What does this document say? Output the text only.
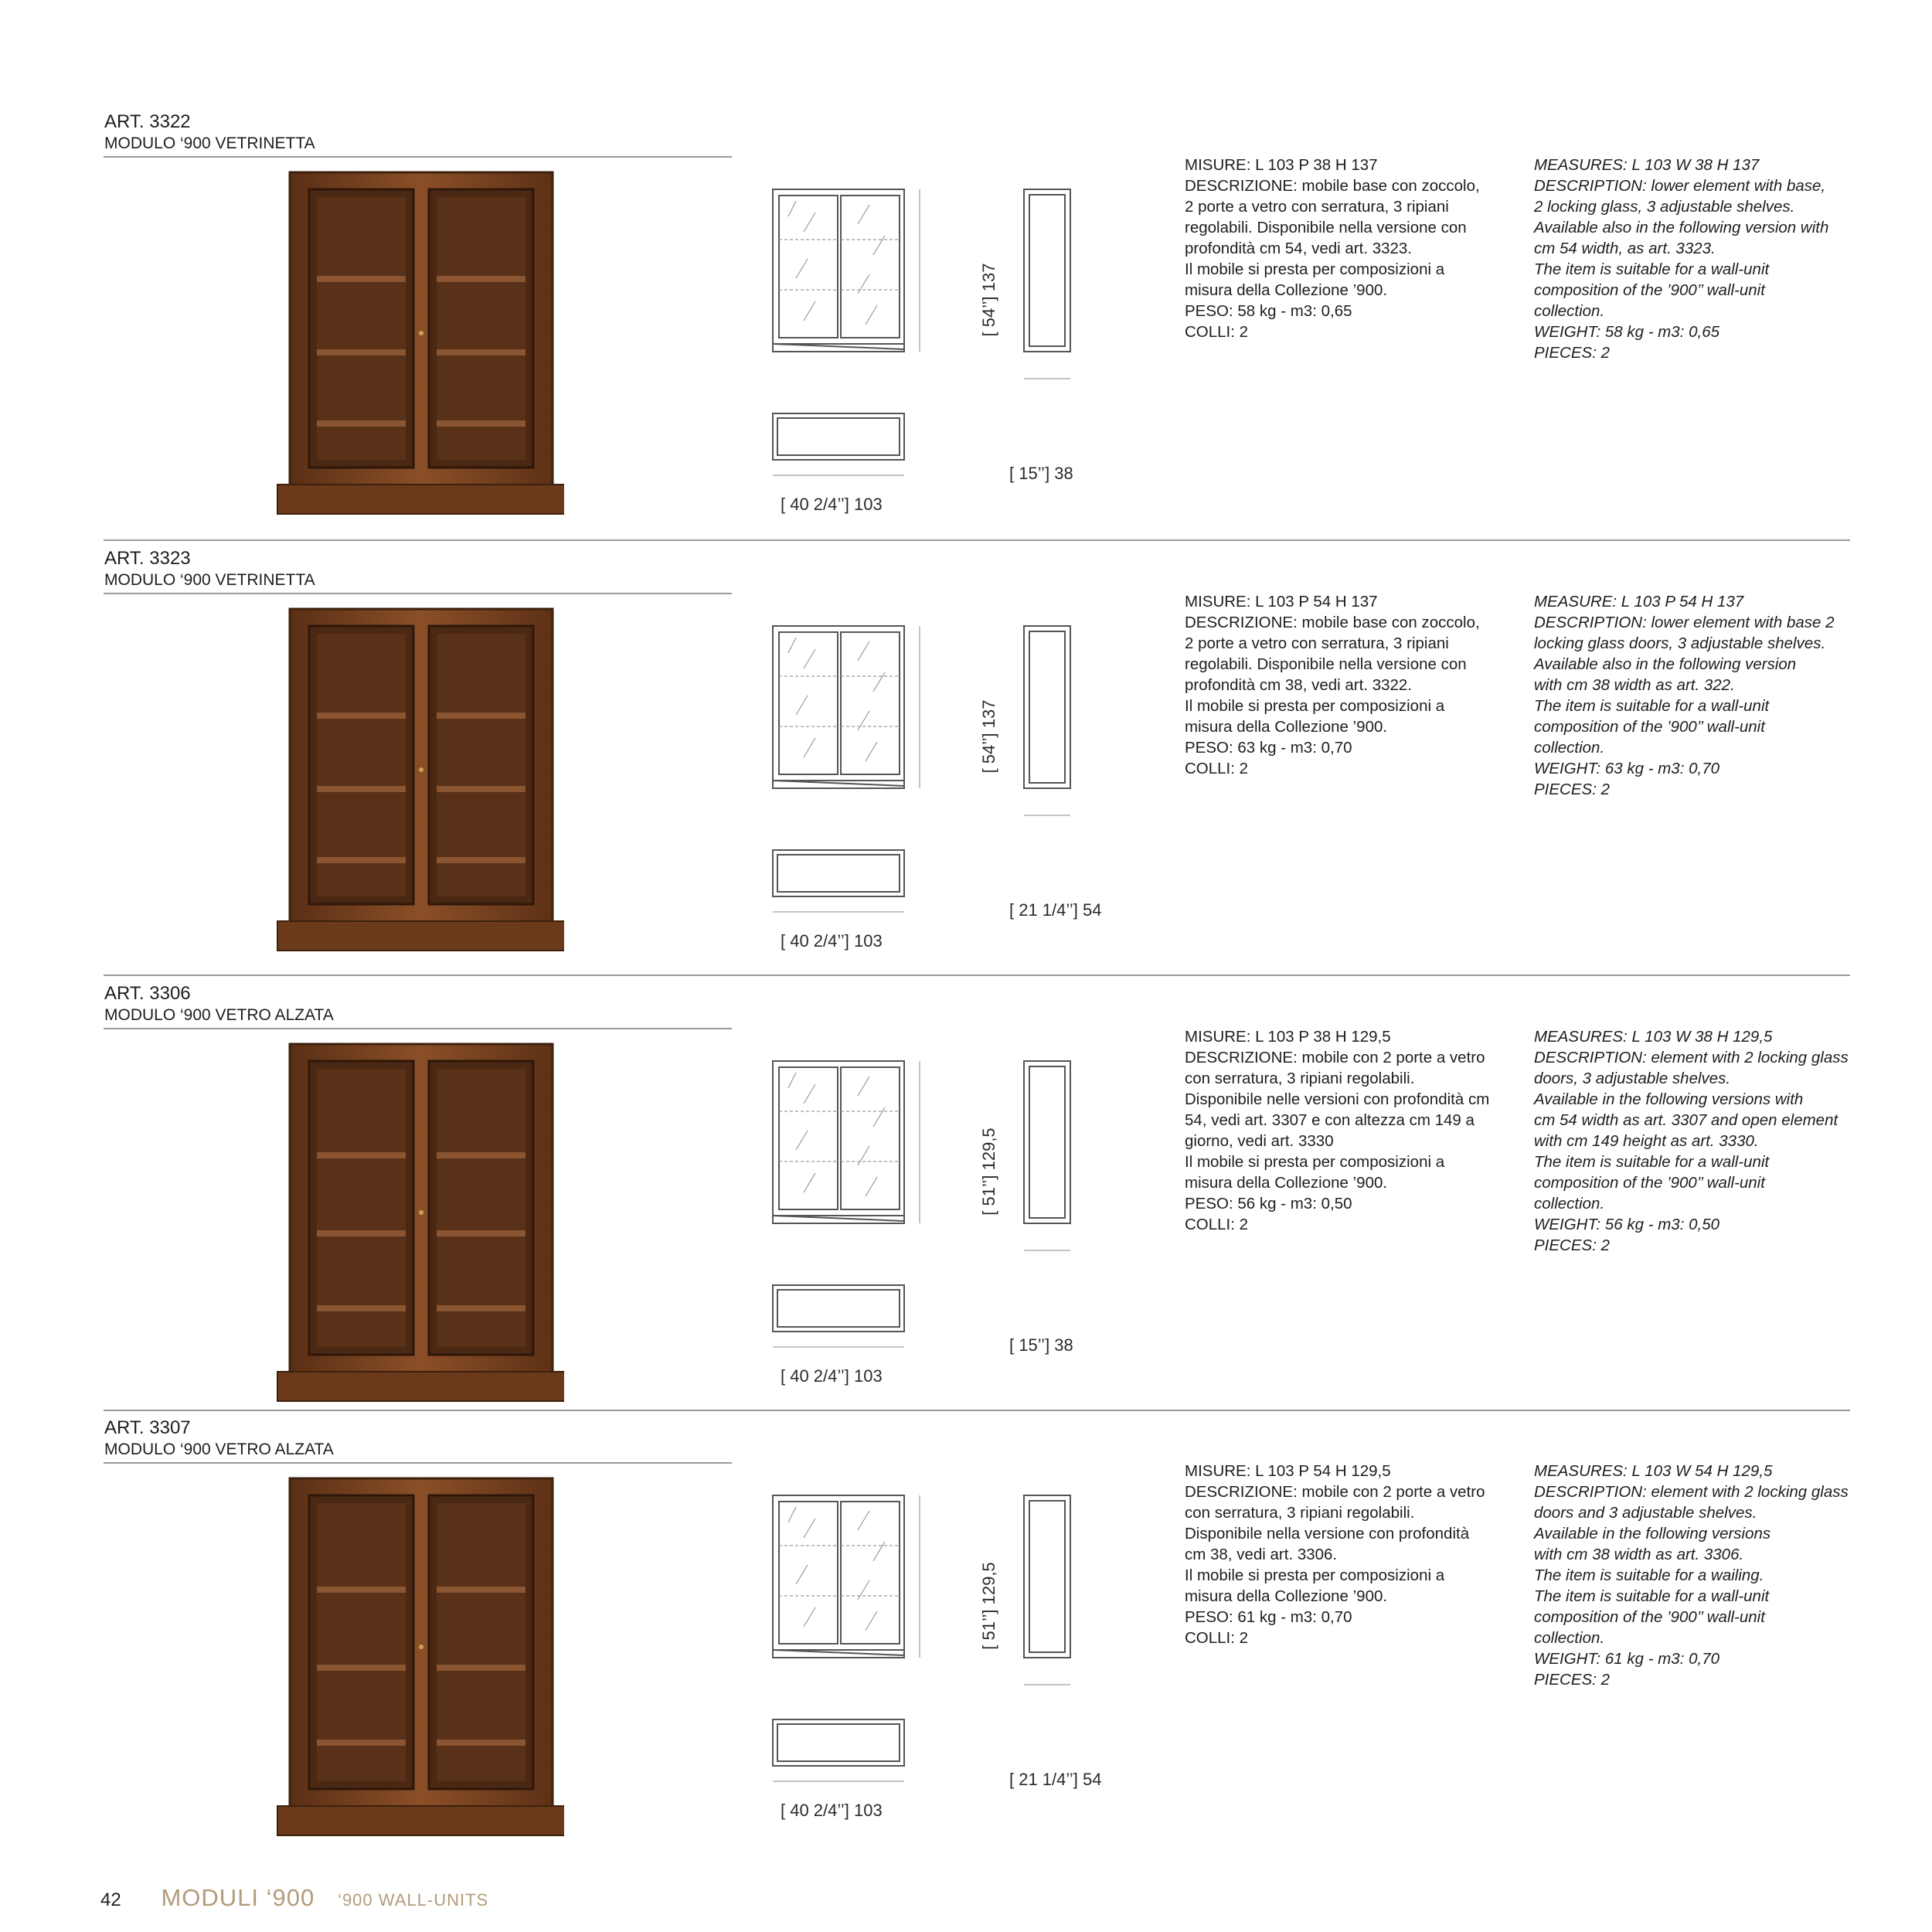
ART. 3322
MODULO ‘900 VETRINETTA
[ 40 2/4’’] 103
[ 15’’] 38
[ 54’’] 137
MISURE: L 103 P 38 H 137
DESCRIZIONE: mobile base con zoccolo,
2 porte a vetro con serratura, 3 ripiani
regolabili. Disponibile nella versione con
profondità cm 54, vedi art. 3323.
Il mobile si presta per composizioni a
misura della Collezione ’900.
PESO: 58 kg - m3: 0,65
COLLI: 2
MEASURES: L 103 W 38 H 137
DESCRIPTION: lower element with base,
2 locking glass, 3 adjustable shelves.
Available also in the following version with
cm 54 width, as art. 3323.
The item is suitable for a wall-unit
composition of the ’900’’ wall-unit
collection.
WEIGHT: 58 kg - m3: 0,65
PIECES: 2
ART. 3323
MODULO ‘900 VETRINETTA
[ 40 2/4’’] 103
[ 21 1/4’’] 54
[ 54’’] 137
MISURE: L 103 P 54 H 137
DESCRIZIONE: mobile base con zoccolo,
2 porte a vetro con serratura, 3 ripiani
regolabili. Disponibile nella versione con
profondità cm 38, vedi art. 3322.
Il mobile si presta per composizioni a
misura della Collezione ’900.
PESO: 63 kg - m3: 0,70
COLLI: 2
MEASURE: L 103 P 54 H 137
DESCRIPTION: lower element with base 2
locking glass doors, 3 adjustable shelves.
Available also in the following version
with cm 38 width as art. 322.
The item is suitable for a wall-unit
composition of the ’900’’ wall-unit
collection.
WEIGHT: 63 kg - m3: 0,70
PIECES: 2
ART. 3306
MODULO ‘900 VETRO ALZATA
[ 40 2/4’’] 103
[ 15’’] 38
[ 51’’] 129,5
MISURE: L 103 P 38 H 129,5
DESCRIZIONE: mobile con 2 porte a vetro
con serratura, 3 ripiani regolabili.
Disponibile nelle versioni con profondità cm
54, vedi art. 3307 e con altezza cm 149 a
giorno, vedi art. 3330
Il mobile si presta per composizioni a
misura della Collezione ’900.
PESO: 56 kg - m3: 0,50
COLLI: 2
MEASURES: L 103 W 38 H 129,5
DESCRIPTION: element with 2 locking glass
doors, 3 adjustable shelves.
Available in the following versions with
cm 54 width as art. 3307 and open element
with cm 149 height as art. 3330.
The item is suitable for a wall-unit
composition of the ’900’’ wall-unit
collection.
WEIGHT: 56 kg - m3: 0,50
PIECES: 2
ART. 3307
MODULO ‘900 VETRO ALZATA
[ 40 2/4’’] 103
[ 21 1/4’’] 54
[ 51’’] 129,5
MISURE: L 103 P 54 H 129,5
DESCRIZIONE: mobile con 2 porte a vetro
con serratura, 3 ripiani regolabili.
Disponibile nella versione con profondità
cm 38, vedi art. 3306.
Il mobile si presta per composizioni a
misura della Collezione ’900.
PESO: 61 kg - m3: 0,70
COLLI: 2
MEASURES: L 103 W 54 H 129,5
DESCRIPTION: element with 2 locking glass
doors and 3 adjustable shelves.
Available in the following versions
with cm 38 width as art. 3306.
The item is suitable for a wailing.
The item is suitable for a wall-unit
composition of the ’900’’ wall-unit
collection.
WEIGHT: 61 kg - m3: 0,70
PIECES: 2
42 MODULI ‘900 ‘900 WALL-UNITS
